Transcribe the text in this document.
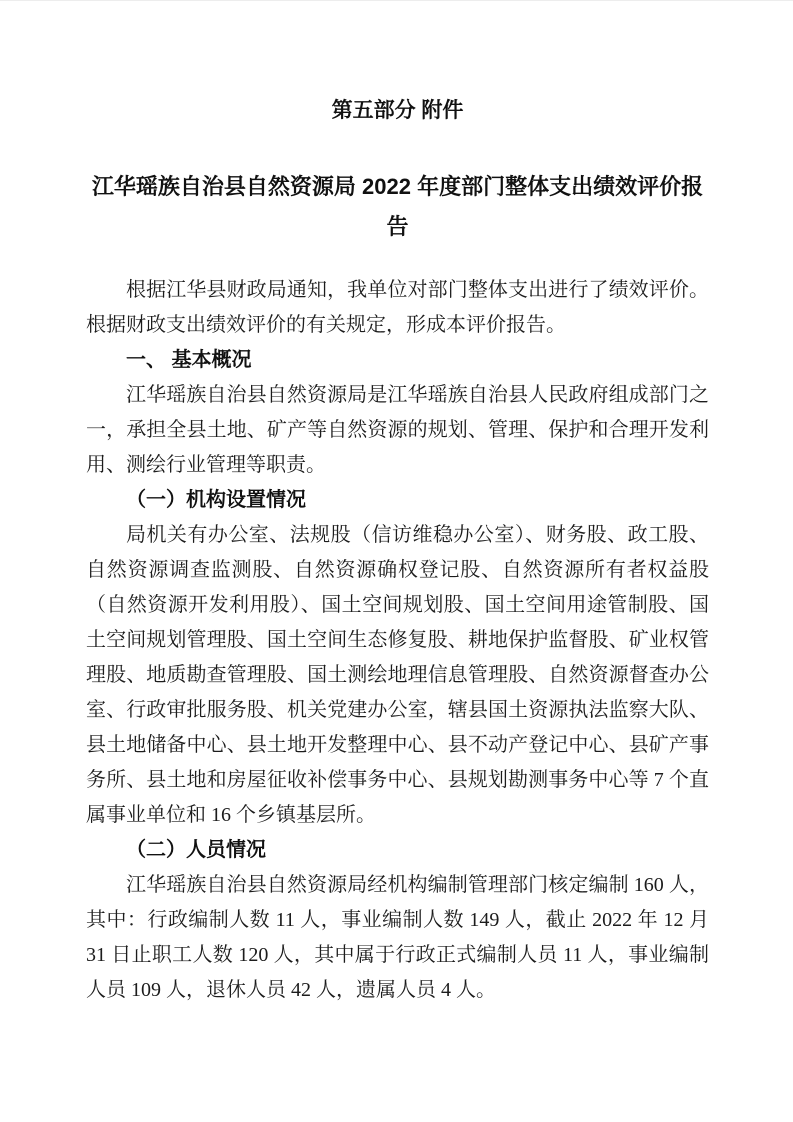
第五部分 附件
江华瑶族自治县自然资源局 2022 年度部门整体支出绩效评价报告

根据江华县财政局通知，我单位对部门整体支出进行了绩效评价。根据财政支出绩效评价的有关规定，形成本评价报告。

一、 基本概况

江华瑶族自治县自然资源局是江华瑶族自治县人民政府组成部门之一，承担全县土地、矿产等自然资源的规划、管理、保护和合理开发利用、测绘行业管理等职责。

（一）机构设置情况

局机关有办公室、法规股（信访维稳办公室）、财务股、政工股、自然资源调查监测股、自然资源确权登记股、自然资源所有者权益股（自然资源开发利用股）、国土空间规划股、国土空间用途管制股、国土空间规划管理股、国土空间生态修复股、耕地保护监督股、矿业权管理股、地质勘查管理股、国土测绘地理信息管理股、自然资源督查办公室、行政审批服务股、机关党建办公室，辖县国土资源执法监察大队、县土地储备中心、县土地开发整理中心、县不动产登记中心、县矿产事务所、县土地和房屋征收补偿事务中心、县规划勘测事务中心等 7 个直属事业单位和 16 个乡镇基层所。

（二）人员情况

江华瑶族自治县自然资源局经机构编制管理部门核定编制 160 人，其中：行政编制人数 11 人，事业编制人数 149 人，截止 2022 年 12 月 31 日止职工人数 120 人，其中属于行政正式编制人员 11 人，事业编制人员 109 人，退休人员 42 人，遗属人员 4 人。
